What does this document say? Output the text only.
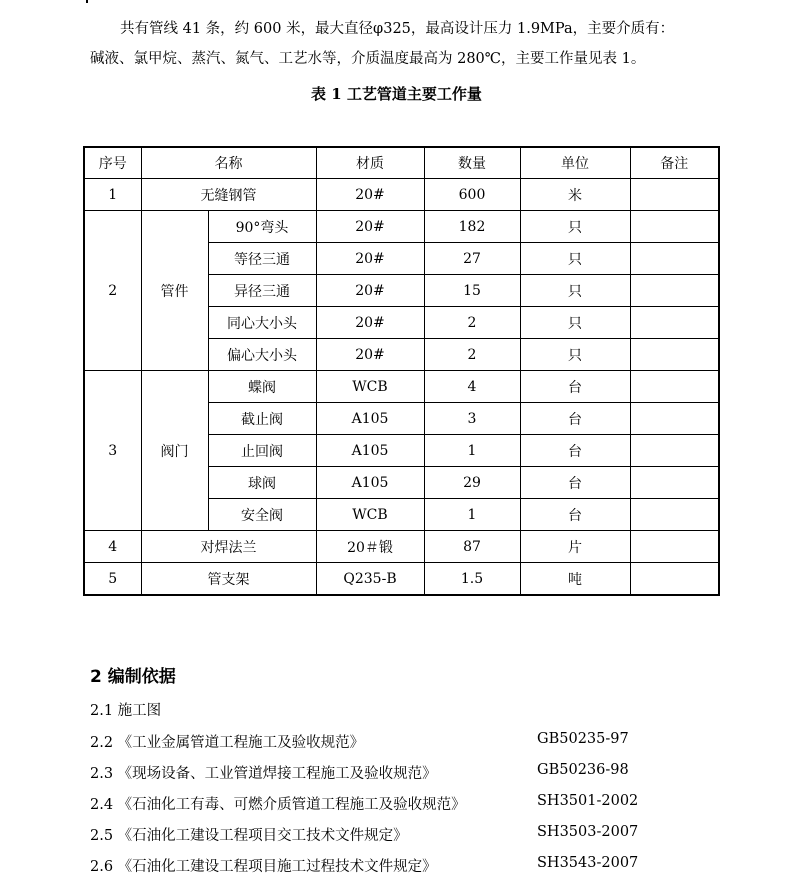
共有管线 41 条，约 600 米，最大直径φ325，最高设计压力 1.9MPa，主要介质有：
碱液、氯甲烷、蒸汽、氮气、工艺水等，介质温度最高为 280℃，主要工作量见表 1。
表 1 工艺管道主要工作量
序号	名称		材质	数量	单位	备注
1	无缝钢管		20#	600	米	
2	管件	90°弯头	20#	182	只	
		等径三通	20#	27	只	
		异径三通	20#	15	只	
		同心大小头	20#	2	只	
		偏心大小头	20#	2	只	
3	阀门	蝶阀	WCB	4	台	
		截止阀	A105	3	台	
		止回阀	A105	1	台	
		球阀	A105	29	台	
		安全阀	WCB	1	台	
4	对焊法兰		20＃锻	87	片	
5	管支架		Q235-B	1.5	吨	
2 编制依据
2.1 施工图
2.2 《工业金属管道工程施工及验收规范》	GB50235-97
2.3 《现场设备、工业管道焊接工程施工及验收规范》	GB50236-98
2.4 《石油化工有毒、可燃介质管道工程施工及验收规范》	SH3501-2002
2.5 《石油化工建设工程项目交工技术文件规定》	SH3503-2007
2.6 《石油化工建设工程项目施工过程技术文件规定》	SH3543-2007
